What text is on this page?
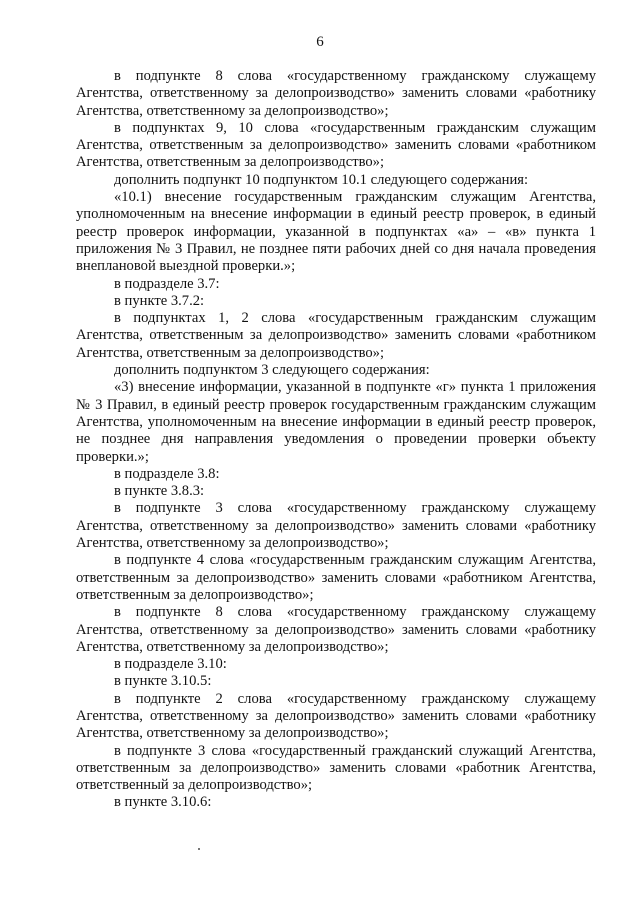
6

в подпункте 8 слова «государственному гражданскому служащему Агентства, ответственному за делопроизводство» заменить словами «работнику Агентства, ответственному за делопроизводство»;

в подпунктах 9, 10 слова «государственным гражданским служащим Агентства, ответственным за делопроизводство» заменить словами «работником Агентства, ответственным за делопроизводство»;

дополнить подпункт 10 подпунктом 10.1 следующего содержания:

«10.1) внесение государственным гражданским служащим Агентства, уполномоченным на внесение информации в единый реестр проверок, в единый реестр проверок информации, указанной в подпунктах «а» – «в» пункта 1 приложения № 3 Правил, не позднее пяти рабочих дней со дня начала проведения внеплановой выездной проверки.»;

в подразделе 3.7:

в пункте 3.7.2:

в подпунктах 1, 2 слова «государственным гражданским служащим Агентства, ответственным за делопроизводство» заменить словами «работником Агентства, ответственным за делопроизводство»;

дополнить подпунктом 3 следующего содержания:

«3) внесение информации, указанной в подпункте «г» пункта 1 приложения № 3 Правил, в единый реестр проверок государственным гражданским служащим Агентства, уполномоченным на внесение информации в единый реестр проверок, не позднее дня направления уведомления о проведении проверки объекту проверки.»;

в подразделе 3.8:

в пункте 3.8.3:

в подпункте 3 слова «государственному гражданскому служащему Агентства, ответственному за делопроизводство» заменить словами «работнику Агентства, ответственному за делопроизводство»;

в подпункте 4 слова «государственным гражданским служащим Агентства, ответственным за делопроизводство» заменить словами «работником Агентства, ответственным за делопроизводство»;

в подпункте 8 слова «государственному гражданскому служащему Агентства, ответственному за делопроизводство» заменить словами «работнику Агентства, ответственному за делопроизводство»;

в подразделе 3.10:

в пункте 3.10.5:

в подпункте 2 слова «государственному гражданскому служащему Агентства, ответственному за делопроизводство» заменить словами «работнику Агентства, ответственному за делопроизводство»;

в подпункте 3 слова «государственный гражданский служащий Агентства, ответственным за делопроизводство» заменить словами «работник Агентства, ответственный за делопроизводство»;

в пункте 3.10.6:
